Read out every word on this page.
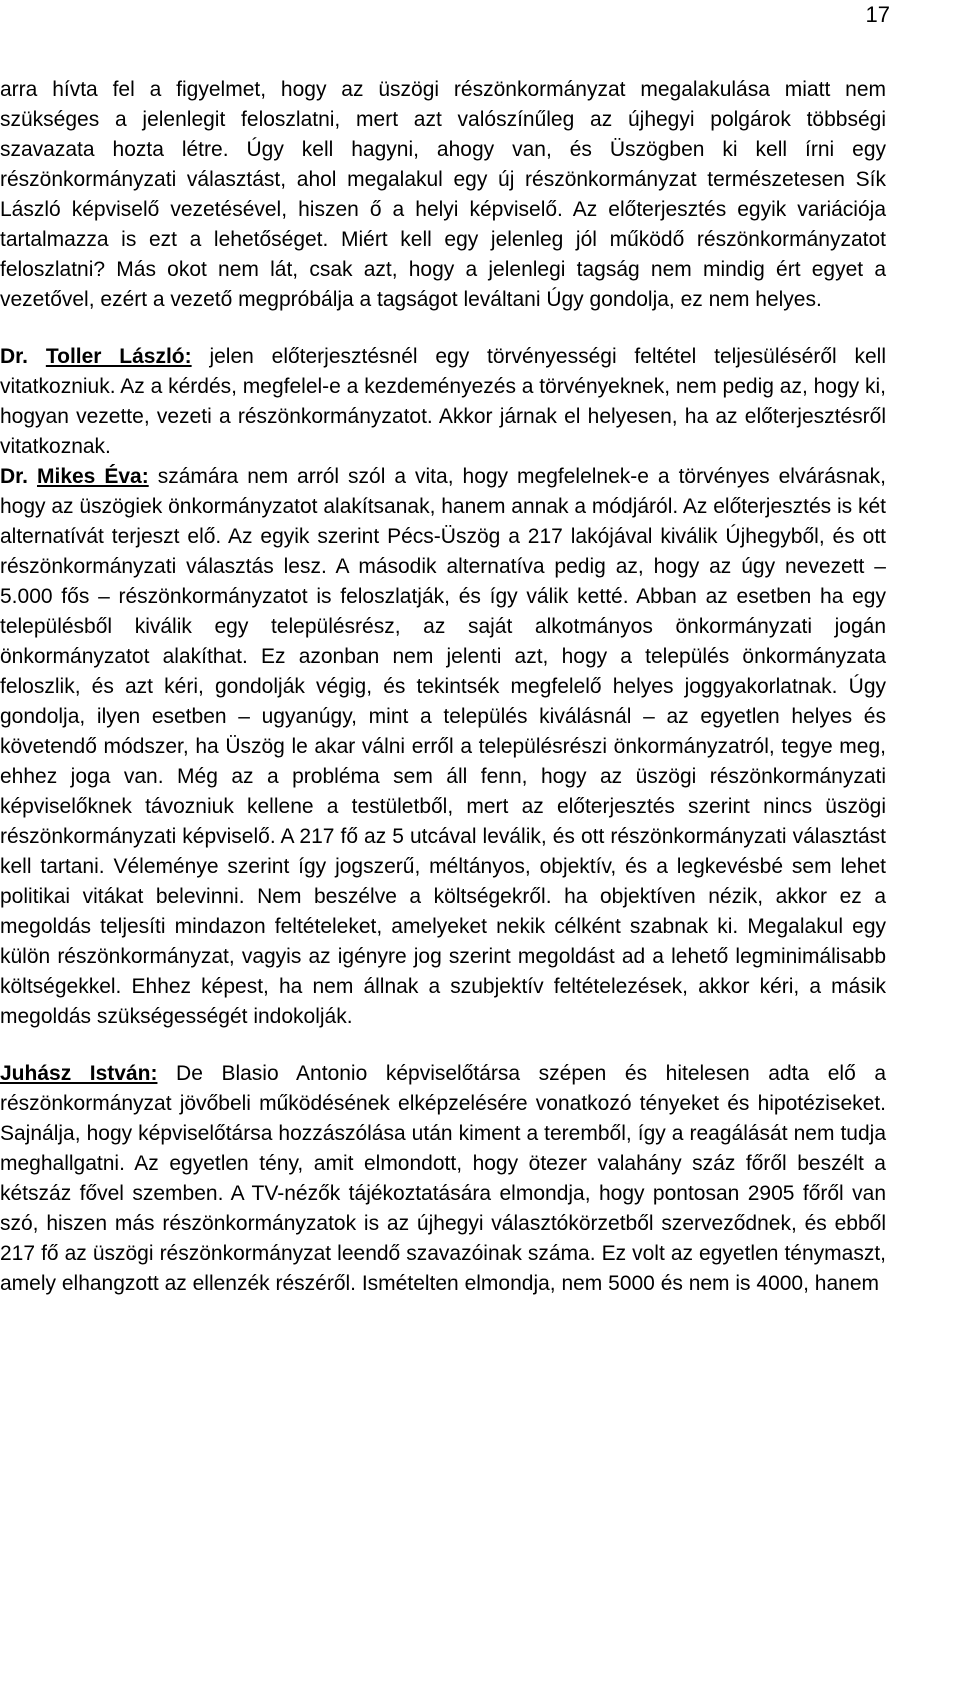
17

arra hívta fel a figyelmet, hogy az üszögi részönkormányzat megalakulása miatt nem szükséges a jelenlegit feloszlatni, mert azt valószínűleg az újhegyi polgárok többségi szavazata hozta létre. Úgy kell hagyni, ahogy van, és Üszögben ki kell írni egy részönkormányzati választást, ahol megalakul egy új részönkormányzat természetesen Sík László képviselő vezetésével, hiszen ő a helyi képviselő. Az előterjesztés egyik variációja tartalmazza is ezt a lehetőséget. Miért kell egy jelenleg jól működő részönkormányzatot feloszlatni? Más okot nem lát, csak azt, hogy a jelenlegi tagság nem mindig ért egyet a vezetővel, ezért a vezető megpróbálja a tagságot leváltani Úgy gondolja, ez nem helyes.

Dr. Toller László: jelen előterjesztésnél egy törvényességi feltétel teljesüléséről kell vitatkozniuk. Az a kérdés, megfelel-e a kezdeményezés a törvényeknek, nem pedig az, hogy ki, hogyan vezette, vezeti a részönkormányzatot. Akkor járnak el helyesen, ha az előterjesztésről vitatkoznak.

Dr. Mikes Éva: számára nem arról szól a vita, hogy megfelelnek-e a törvényes elvárásnak, hogy az üszögiek önkormányzatot alakítsanak, hanem annak a módjáról. Az előterjesztés is két alternatívát terjeszt elő. Az egyik szerint Pécs-Üszög a 217 lakójával kiválik Újhegyből, és ott részönkormányzati választás lesz. A második alternatíva pedig az, hogy az úgy nevezett – 5.000 fős – részönkormányzatot is feloszlatják, és így válik ketté. Abban az esetben ha egy településből kiválik egy településrész, az saját alkotmányos önkormányzati jogán önkormányzatot alakíthat. Ez azonban nem jelenti azt, hogy a település önkormányzata feloszlik, és azt kéri, gondolják végig, és tekintsék megfelelő helyes joggyakorlatnak. Úgy gondolja, ilyen esetben – ugyanúgy, mint a település kiválásnál – az egyetlen helyes és követendő módszer, ha Üszög le akar válni erről a településrészi önkormányzatról, tegye meg, ehhez joga van. Még az a probléma sem áll fenn, hogy az üszögi részönkormányzati képviselőknek távozniuk kellene a testületből, mert az előterjesztés szerint nincs üszögi részönkormányzati képviselő. A 217 fő az 5 utcával leválik, és ott részönkormányzati választást kell tartani. Véleménye szerint így jogszerű, méltányos, objektív, és a legkevésbé sem lehet politikai vitákat belevinni. Nem beszélve a költségekről. ha objektíven nézik, akkor ez a megoldás teljesíti mindazon feltételeket, amelyeket nekik célként szabnak ki. Megalakul egy külön részönkormányzat, vagyis az igényre jog szerint megoldást ad a lehető legminimálisabb költségekkel. Ehhez képest, ha nem állnak a szubjektív feltételezések, akkor kéri, a másik megoldás szükségességét indokolják.

Juhász István: De Blasio Antonio képviselőtársa szépen és hitelesen adta elő a részönkormányzat jövőbeli működésének elképzelésére vonatkozó tényeket és hipotéziseket. Sajnálja, hogy képviselőtársa hozzászólása után kiment a teremből, így a reagálását nem tudja meghallgatni. Az egyetlen tény, amit elmondott, hogy ötezer valahány száz főről beszélt a kétszáz fővel szemben. A TV-nézők tájékoztatására elmondja, hogy pontosan 2905 főről van szó, hiszen más részönkormányzatok is az újhegyi választókörzetből szerveződnek, és ebből 217 fő az üszögi részönkormányzat leendő szavazóinak száma. Ez volt az egyetlen ténymaszt, amely elhangzott az ellenzék részéről. Ismételten elmondja, nem 5000 és nem is 4000, hanem
